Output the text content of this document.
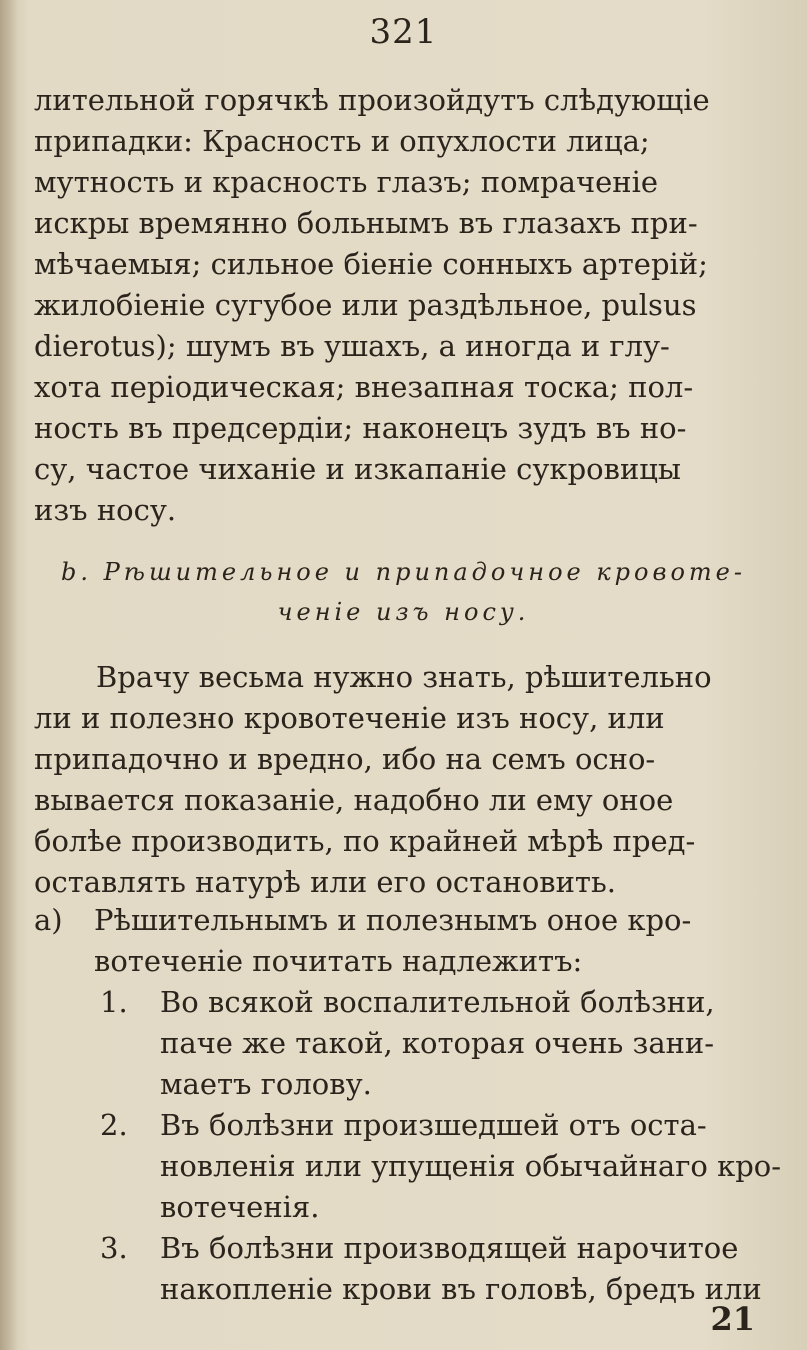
321
лительной горячкѣ произойдутъ слѣдующіе
припадки: Красность и опухлости лица;
мутность и красность глазъ; помраченіе
искры времянно больнымъ въ глазахъ при-
мѣчаемыя; сильное біеніе сонныхъ артерій;
жилобіеніе сугубое или раздѣльное, pulsus
dierotus); шумъ въ ушахъ, а иногда и глу-
хота періодическая; внезапная тоска; пол-
ность въ предсердіи; наконецъ зудъ въ но-
су, частое чиханіе и изкапаніе сукровицы
изъ носу.
b. Рѣшительное и припадочное кровоте-
ченіе изъ носу.
Врачу весьма нужно знать, рѣшительно
ли и полезно кровотеченіе изъ носу, или
припадочно и вредно, ибо на семъ осно-
вывается показаніе, надобно ли ему оное
болѣе производить, по крайней мѣрѣ пред-
оставлять натурѣ или его остановить.
a)	Рѣшительнымъ и полезнымъ оное кро-
вотеченіе почитать надлежитъ:
1.	Во всякой воспалительной болѣзни,
паче же такой, которая очень зани-
маетъ голову.
2.	Въ болѣзни произшедшей отъ оста-
новленія или упущенія обычайнаго кро-
вотеченія.
3.	Въ болѣзни производящей нарочитое
накопленіе крови въ головѣ, бредъ или
21
